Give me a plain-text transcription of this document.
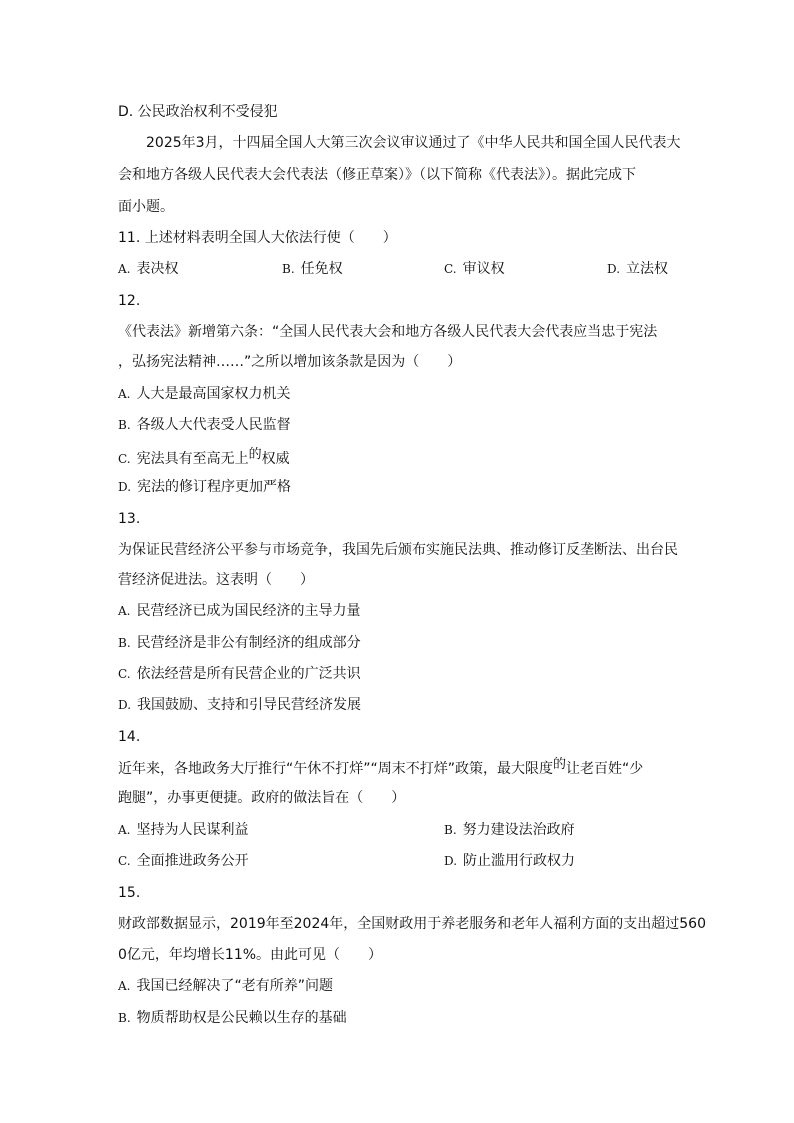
D. 公民政治权利不受侵犯
2025年3月，十四届全国人大第三次会议审议通过了《中华人民共和国全国人民代表大
会和地方各级人民代表大会代表法（修正草案）》（以下简称《代表法》）。据此完成下
面小题。
11. 上述材料表明全国人大依法行使（　　）
A. 表决权	B. 任免权	C. 审议权	D. 立法权
12.
《代表法》新增第六条：“全国人民代表大会和地方各级人民代表大会代表应当忠于宪法
，弘扬宪法精神……”之所以增加该条款是因为（　　）
A. 人大是最高国家权力机关
B. 各级人大代表受人民监督
C. 宪法具有至高无上的权威
D. 宪法的修订程序更加严格
13.
为保证民营经济公平参与市场竞争，我国先后颁布实施民法典、推动修订反垄断法、出台民
营经济促进法。这表明（　　）
A. 民营经济已成为国民经济的主导力量
B. 民营经济是非公有制经济的组成部分
C. 依法经营是所有民营企业的广泛共识
D. 我国鼓励、支持和引导民营经济发展
14.
近年来，各地政务大厅推行“午休不打烊”“周末不打烊”政策，最大限度的让老百姓“少
跑腿”，办事更便捷。政府的做法旨在（　　）
A. 坚持为人民谋利益	B. 努力建设法治政府
C. 全面推进政务公开	D. 防止滥用行政权力
15.
财政部数据显示，2019年至2024年，全国财政用于养老服务和老年人福利方面的支出超过560
0亿元，年均增长11%。由此可见（　　）
A. 我国已经解决了“老有所养”问题
B. 物质帮助权是公民赖以生存的基础
